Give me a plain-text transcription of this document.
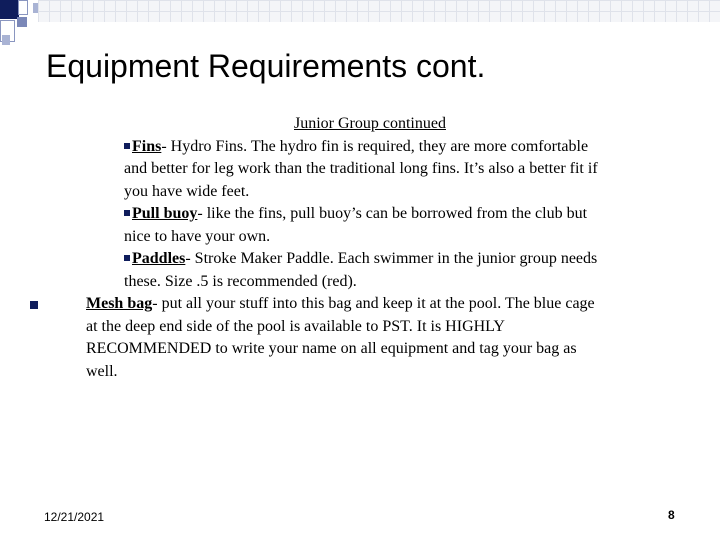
Equipment Requirements cont.
Junior Group continued
Fins- Hydro Fins. The hydro fin is required, they are more comfortable
and better for leg work than the traditional long fins. It’s also a better fit if
you have wide feet.
Pull buoy- like the fins, pull buoy’s can be borrowed from the club but
nice to have your own.
Paddles- Stroke Maker Paddle. Each swimmer in the junior group needs
these. Size .5 is recommended (red).
Mesh bag- put all your stuff into this bag and keep it at the pool. The blue cage
at the deep end side of the pool is available to PST. It is HIGHLY
RECOMMENDED to write your name on all equipment and tag your bag as
well.
12/21/2021	8
